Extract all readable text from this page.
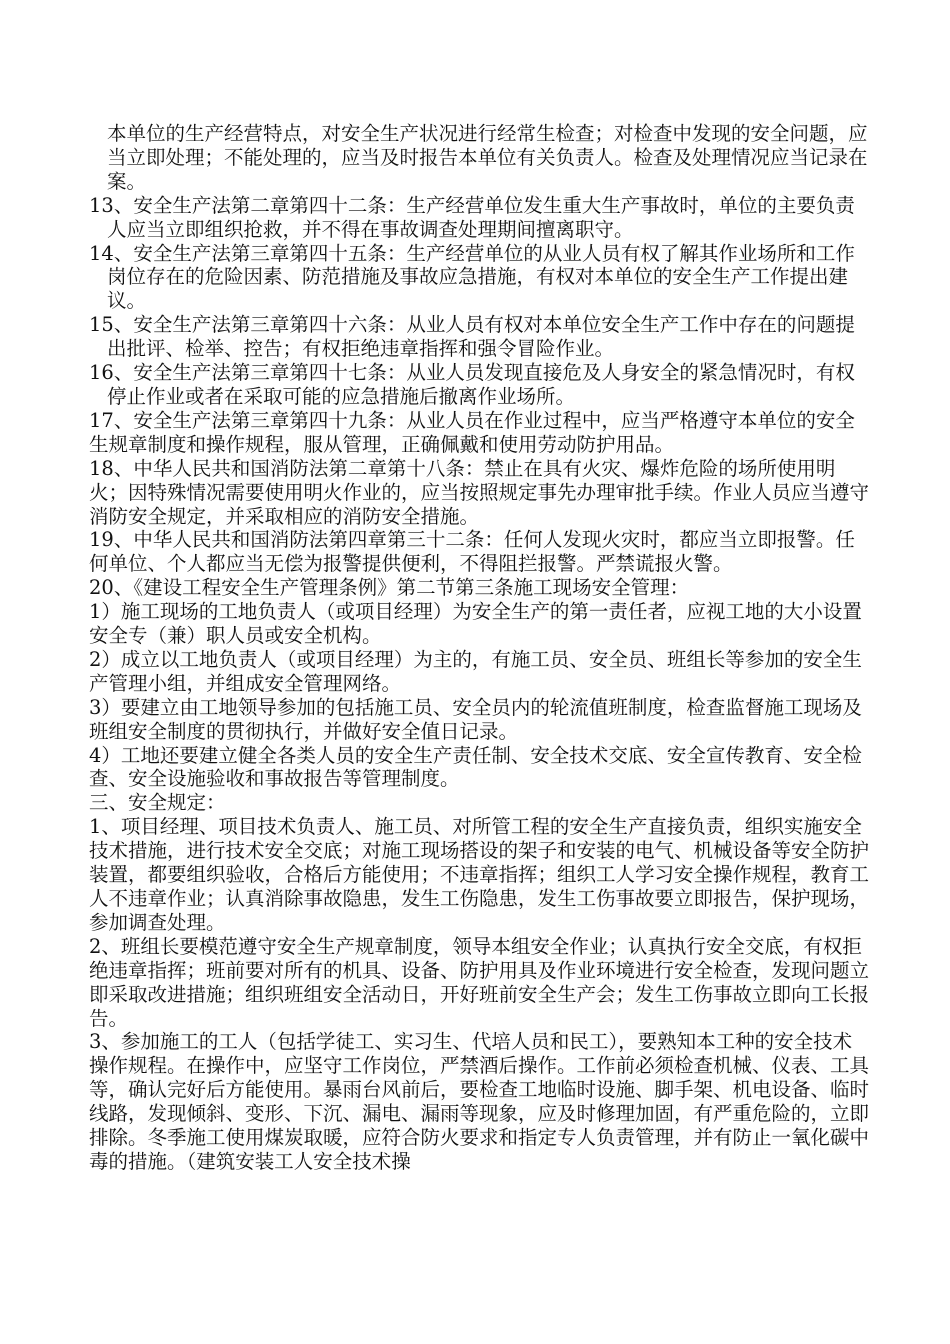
本单位的生产经营特点，对安全生产状况进行经常生检查；对检查中发现的安全问题，应当立即处理；不能处理的，应当及时报告本单位有关负责人。检查及处理情况应当记录在案。

13、安全生产法第二章第四十二条：生产经营单位发生重大生产事故时，单位的主要负责人应当立即组织抢救，并不得在事故调查处理期间擅离职守。

14、安全生产法第三章第四十五条：生产经营单位的从业人员有权了解其作业场所和工作岗位存在的危险因素、防范措施及事故应急措施，有权对本单位的安全生产工作提出建议。

15、安全生产法第三章第四十六条：从业人员有权对本单位安全生产工作中存在的问题提出批评、检举、控告；有权拒绝违章指挥和强令冒险作业。

16、安全生产法第三章第四十七条：从业人员发现直接危及人身安全的紧急情况时，有权停止作业或者在采取可能的应急措施后撤离作业场所。

17、安全生产法第三章第四十九条：从业人员在作业过程中，应当严格遵守本单位的安全生规章制度和操作规程，服从管理，正确佩戴和使用劳动防护用品。

18、中华人民共和国消防法第二章第十八条：禁止在具有火灾、爆炸危险的场所使用明火；因特殊情况需要使用明火作业的，应当按照规定事先办理审批手续。作业人员应当遵守消防安全规定，并采取相应的消防安全措施。

19、中华人民共和国消防法第四章第三十二条：任何人发现火灾时，都应当立即报警。任何单位、个人都应当无偿为报警提供便利，不得阻拦报警。严禁谎报火警。

20、《建设工程安全生产管理条例》第二节第三条施工现场安全管理：

1）施工现场的工地负责人（或项目经理）为安全生产的第一责任者，应视工地的大小设置安全专（兼）职人员或安全机构。

2）成立以工地负责人（或项目经理）为主的，有施工员、安全员、班组长等参加的安全生产管理小组，并组成安全管理网络。

3）要建立由工地领导参加的包括施工员、安全员内的轮流值班制度，检查监督施工现场及班组安全制度的贯彻执行，并做好安全值日记录。

4）工地还要建立健全各类人员的安全生产责任制、安全技术交底、安全宣传教育、安全检查、安全设施验收和事故报告等管理制度。

三、安全规定：

1、项目经理、项目技术负责人、施工员、对所管工程的安全生产直接负责，组织实施安全技术措施，进行技术安全交底；对施工现场搭设的架子和安装的电气、机械设备等安全防护装置，都要组织验收，合格后方能使用；不违章指挥；组织工人学习安全操作规程，教育工人不违章作业；认真消除事故隐患，发生工伤隐患，发生工伤事故要立即报告，保护现场，参加调查处理。

2、班组长要模范遵守安全生产规章制度，领导本组安全作业；认真执行安全交底，有权拒绝违章指挥；班前要对所有的机具、设备、防护用具及作业环境进行安全检查，发现问题立即采取改进措施；组织班组安全活动日，开好班前安全生产会；发生工伤事故立即向工长报告。

3、参加施工的工人（包括学徒工、实习生、代培人员和民工），要熟知本工种的安全技术操作规程。在操作中，应坚守工作岗位，严禁酒后操作。工作前必须检查机械、仪表、工具等，确认完好后方能使用。暴雨台风前后，要检查工地临时设施、脚手架、机电设备、临时线路，发现倾斜、变形、下沉、漏电、漏雨等现象，应及时修理加固，有严重危险的，立即排除。冬季施工使用煤炭取暖，应符合防火要求和指定专人负责管理，并有防止一氧化碳中毒的措施。（建筑安装工人安全技术操
